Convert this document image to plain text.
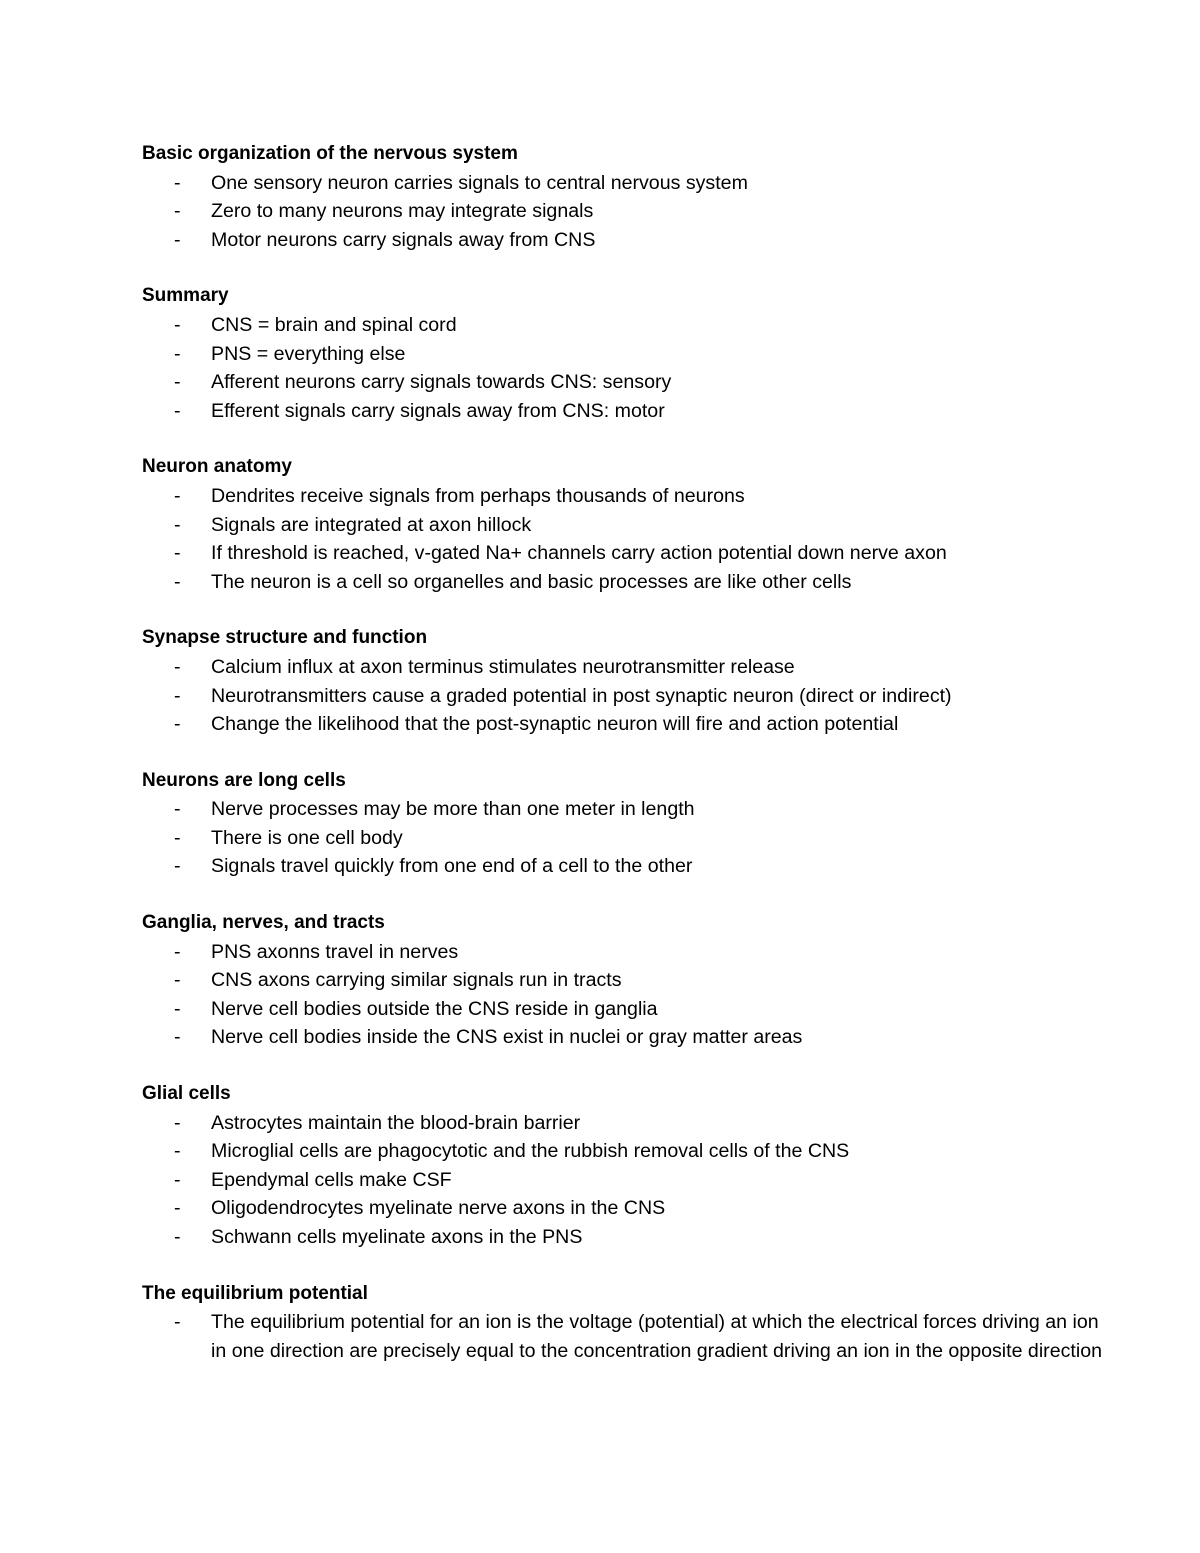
Basic organization of the nervous system
-	One sensory neuron carries signals to central nervous system
-	Zero to many neurons may integrate signals
-	Motor neurons carry signals away from CNS
Summary
-	CNS = brain and spinal cord
-	PNS = everything else
-	Afferent neurons carry signals towards CNS: sensory
-	Efferent signals carry signals away from CNS: motor
Neuron anatomy
-	Dendrites receive signals from perhaps thousands of neurons
-	Signals are integrated at axon hillock
-	If threshold is reached, v-gated Na+ channels carry action potential down nerve axon
-	The neuron is a cell so organelles and basic processes are like other cells
Synapse structure and function
-	Calcium influx at axon terminus stimulates neurotransmitter release
-	Neurotransmitters cause a graded potential in post synaptic neuron (direct or indirect)
-	Change the likelihood that the post-synaptic neuron will fire and action potential
Neurons are long cells
-	Nerve processes may be more than one meter in length
-	There is one cell body
-	Signals travel quickly from one end of a cell to the other
Ganglia, nerves, and tracts
-	PNS axonns travel in nerves
-	CNS axons carrying similar signals run in tracts
-	Nerve cell bodies outside the CNS reside in ganglia
-	Nerve cell bodies inside the CNS exist in nuclei or gray matter areas
Glial cells
-	Astrocytes maintain the blood-brain barrier
-	Microglial cells are phagocytotic and the rubbish removal cells of the CNS
-	Ependymal cells make CSF
-	Oligodendrocytes myelinate nerve axons in the CNS
-	Schwann cells myelinate axons in the PNS
The equilibrium potential
-	The equilibrium potential for an ion is the voltage (potential) at which the electrical forces driving an ion in one direction are precisely equal to the concentration gradient driving an ion in the opposite direction
